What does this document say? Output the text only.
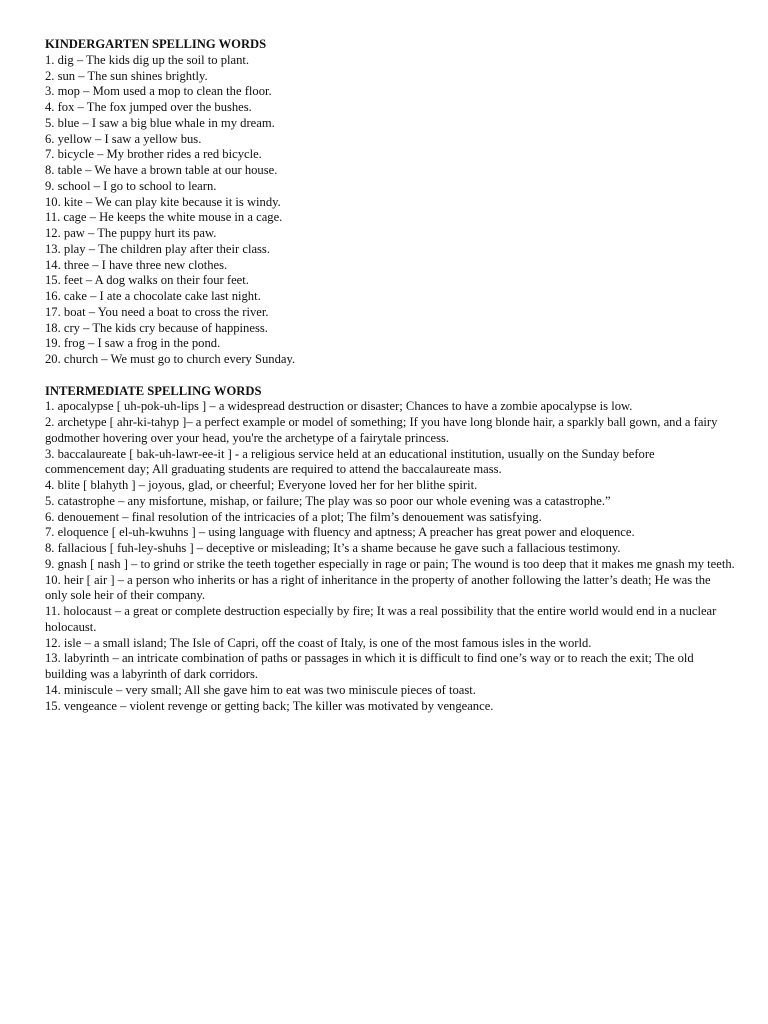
KINDERGARTEN SPELLING WORDS
1. dig – The kids dig up the soil to plant.
2. sun – The sun shines brightly.
3. mop – Mom used a mop to clean the floor.
4. fox – The fox jumped over the bushes.
5. blue – I saw a big blue whale in my dream.
6. yellow – I saw a yellow bus.
7. bicycle – My brother rides a red bicycle.
8. table – We have a brown table at our house.
9. school – I go to school to learn.
10. kite – We can play kite because it is windy.
11. cage – He keeps the white mouse in a cage.
12. paw – The puppy hurt its paw.
13. play – The children play after their class.
14. three – I have three new clothes.
15. feet – A dog walks on their four feet.
16. cake – I ate a chocolate cake last night.
17. boat – You need a boat to cross the river.
18. cry – The kids cry because of happiness.
19. frog – I saw a frog in the pond.
20. church – We must go to church every Sunday.
INTERMEDIATE SPELLING WORDS
1. apocalypse [ uh-pok-uh-lips ] – a widespread destruction or disaster; Chances to have a zombie apocalypse is low.
2. archetype [ ahr-ki-tahyp ]– a perfect example or model of something; If you have long blonde hair, a sparkly ball gown, and a fairy godmother hovering over your head, you're the archetype of a fairytale princess.
3. baccalaureate [ bak-uh-lawr-ee-it ] - a religious service held at an educational institution, usually on the Sunday before commencement day; All graduating students are required to attend the baccalaureate mass.
4. blite [ blahyth ] – joyous, glad, or cheerful; Everyone loved her for her blithe spirit.
5. catastrophe – any misfortune, mishap, or failure; The play was so poor our whole evening was a catastrophe.”
6. denouement – final resolution of the intricacies of a plot; The film’s denouement was satisfying.
7. eloquence [ el-uh-kwuhns ] – using language with fluency and aptness; A preacher has great power and eloquence.
8. fallacious [ fuh-ley-shuhs ] – deceptive or misleading; It’s a shame because he gave such a fallacious testimony.
9. gnash [ nash ] – to grind or strike the teeth together especially in rage or pain; The wound is too deep that it makes me gnash my teeth.
10. heir [ air ] – a person who inherits or has a right of inheritance in the property of another following the latter’s death; He was the only sole heir of their company.
11. holocaust – a great or complete destruction especially by fire; It was a real possibility that the entire world would end in a nuclear holocaust.
12. isle – a small island; The Isle of Capri, off the coast of Italy, is one of the most famous isles in the world.
13. labyrinth – an intricate combination of paths or passages in which it is difficult to find one’s way or to reach the exit; The old building was a labyrinth of dark corridors.
14. miniscule – very small; All she gave him to eat was two miniscule pieces of toast.
15. vengeance – violent revenge or getting back; The killer was motivated by vengeance.
